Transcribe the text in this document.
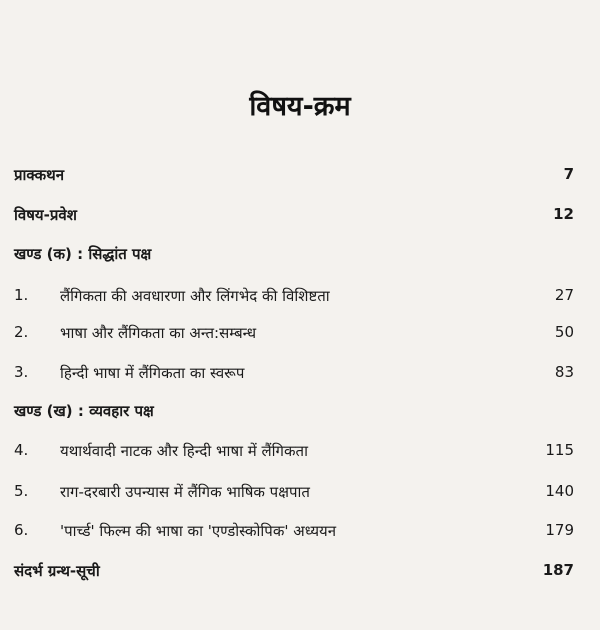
विषय-क्रम
प्राक्कथन	7
विषय-प्रवेश	12
खण्ड (क) : सिद्धांत पक्ष
1. लैंगिकता की अवधारणा और लिंगभेद की विशिष्टता	27
2. भाषा और लैंगिकता का अन्त:सम्बन्ध	50
3. हिन्दी भाषा में लैंगिकता का स्वरूप	83
खण्ड (ख) : व्यवहार पक्ष
4. यथार्थवादी नाटक और हिन्दी भाषा में लैंगिकता	115
5. राग-दरबारी उपन्यास में लैंगिक भाषिक पक्षपात	140
6. 'पार्च्ड' फिल्म की भाषा का 'एण्डोस्कोपिक' अध्ययन	179
संदर्भ ग्रन्थ-सूची	187
